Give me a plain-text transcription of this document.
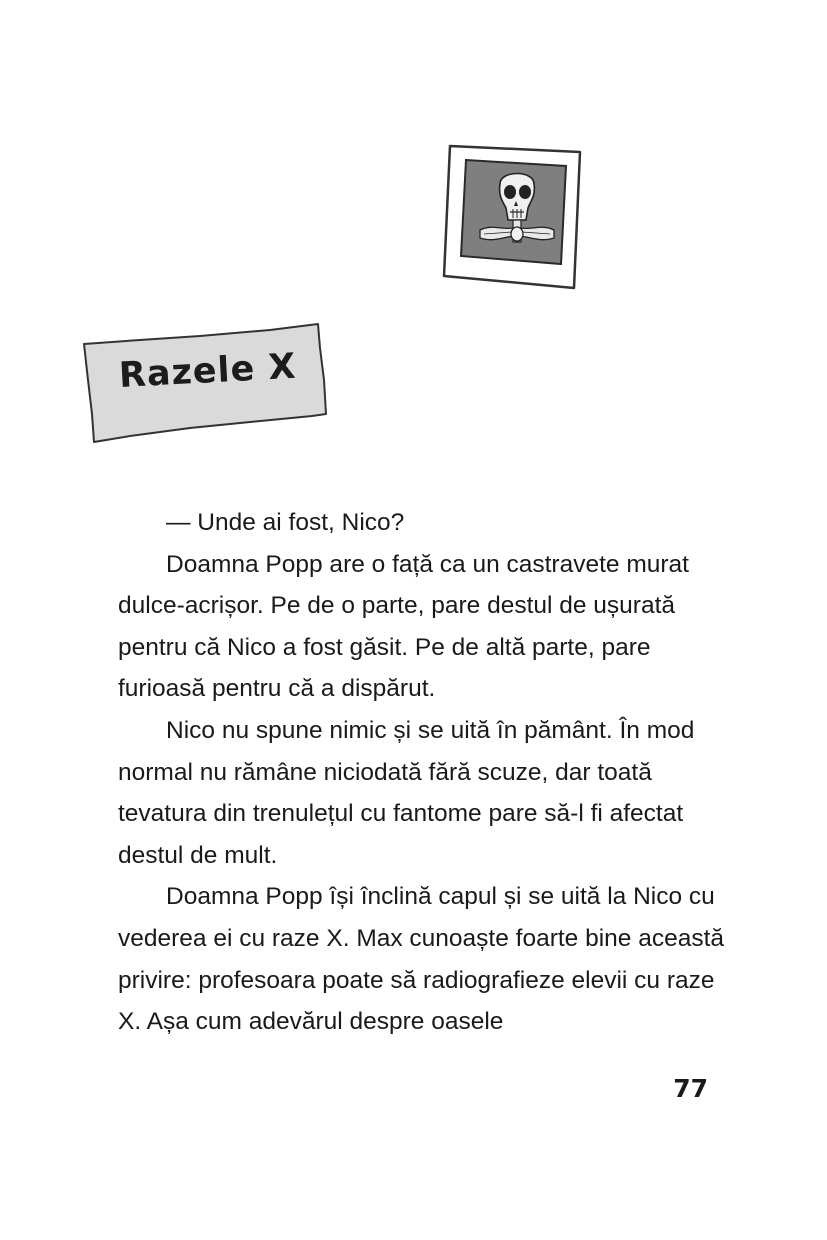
Razele X

— Unde ai fost, Nico?

Doamna Popp are o față ca un castravete murat dulce-acrișor. Pe de o parte, pare destul de ușurată pentru că Nico a fost găsit. Pe de altă parte, pare furioasă pentru că a dispărut.

Nico nu spune nimic și se uită în pământ. În mod normal nu rămâne niciodată fără scuze, dar toată tevatura din trenulețul cu fantome pare să-l fi afectat destul de mult.

Doamna Popp își înclină capul și se uită la Nico cu vederea ei cu raze X. Max cunoaște foarte bine această privire: profesoara poate să radiografieze elevii cu raze X. Așa cum adevărul despre oasele

77
